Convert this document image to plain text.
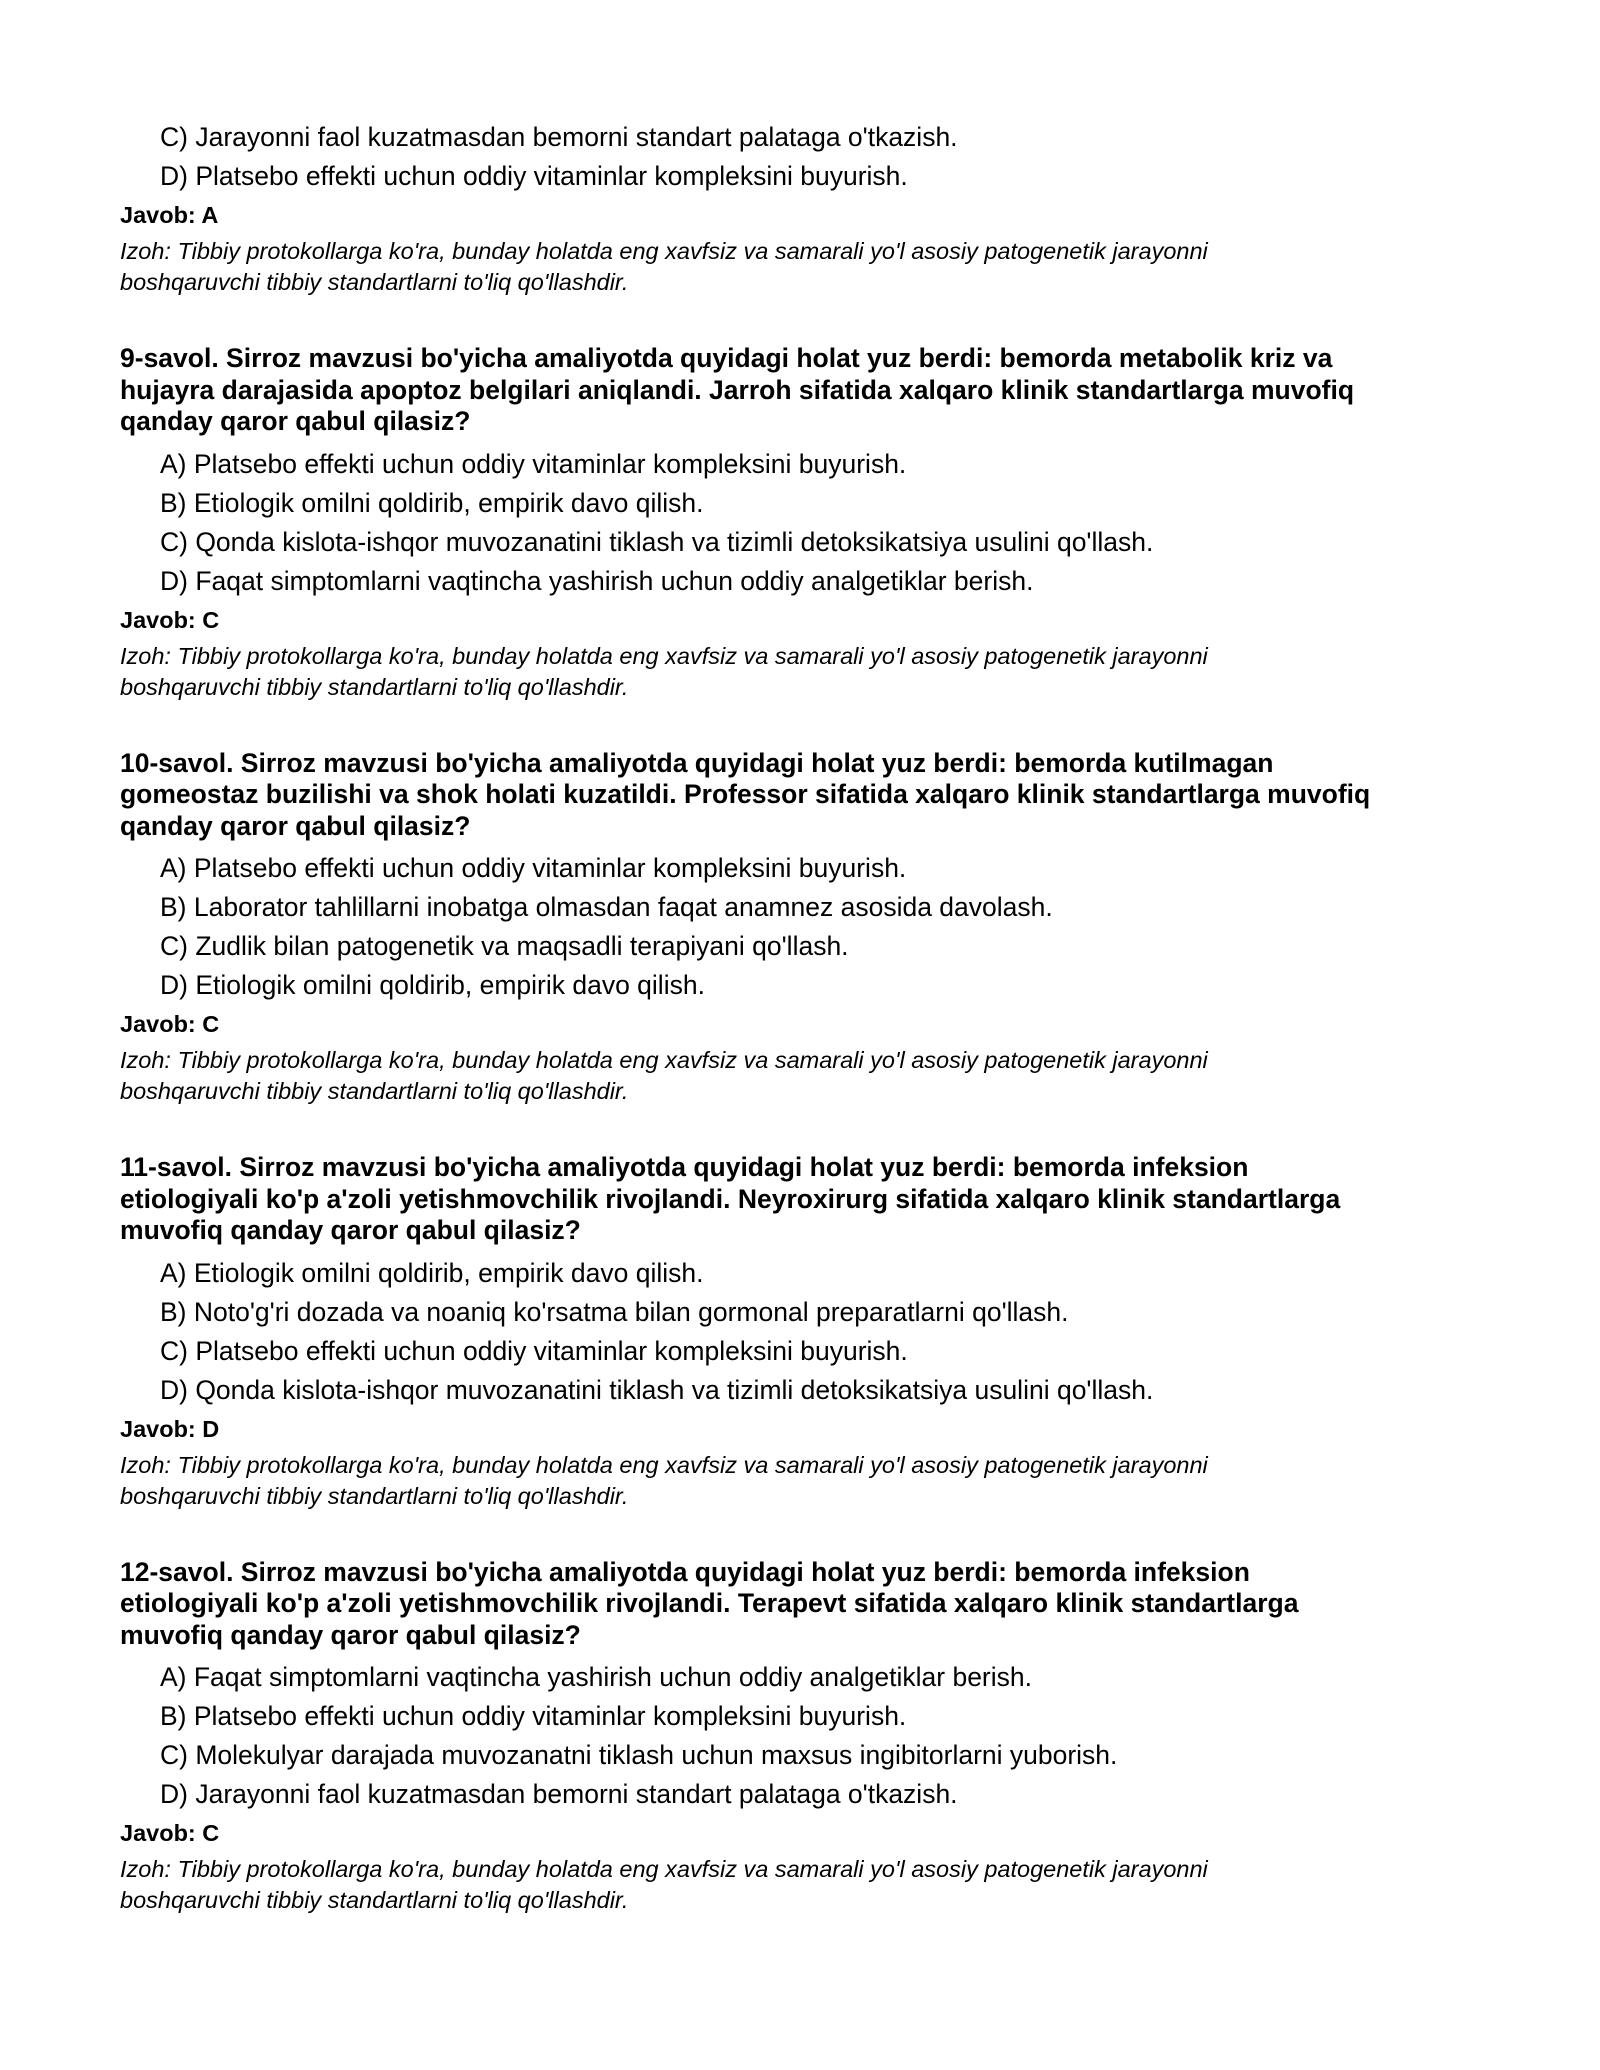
C) Jarayonni faol kuzatmasdan bemorni standart palataga o'tkazish.
D) Platsebo effekti uchun oddiy vitaminlar kompleksini buyurish.
Javob: A
Izoh: Tibbiy protokollarga ko'ra, bunday holatda eng xavfsiz va samarali yo'l asosiy patogenetik jarayonni
boshqaruvchi tibbiy standartlarni to'liq qo'llashdir.
9-savol. Sirroz mavzusi bo'yicha amaliyotda quyidagi holat yuz berdi: bemorda metabolik kriz va
hujayra darajasida apoptoz belgilari aniqlandi. Jarroh sifatida xalqaro klinik standartlarga muvofiq
qanday qaror qabul qilasiz?
A) Platsebo effekti uchun oddiy vitaminlar kompleksini buyurish.
B) Etiologik omilni qoldirib, empirik davo qilish.
C) Qonda kislota-ishqor muvozanatini tiklash va tizimli detoksikatsiya usulini qo'llash.
D) Faqat simptomlarni vaqtincha yashirish uchun oddiy analgetiklar berish.
Javob: C
Izoh: Tibbiy protokollarga ko'ra, bunday holatda eng xavfsiz va samarali yo'l asosiy patogenetik jarayonni
boshqaruvchi tibbiy standartlarni to'liq qo'llashdir.
10-savol. Sirroz mavzusi bo'yicha amaliyotda quyidagi holat yuz berdi: bemorda kutilmagan
gomeostaz buzilishi va shok holati kuzatildi. Professor sifatida xalqaro klinik standartlarga muvofiq
qanday qaror qabul qilasiz?
A) Platsebo effekti uchun oddiy vitaminlar kompleksini buyurish.
B) Laborator tahlillarni inobatga olmasdan faqat anamnez asosida davolash.
C) Zudlik bilan patogenetik va maqsadli terapiyani qo'llash.
D) Etiologik omilni qoldirib, empirik davo qilish.
Javob: C
Izoh: Tibbiy protokollarga ko'ra, bunday holatda eng xavfsiz va samarali yo'l asosiy patogenetik jarayonni
boshqaruvchi tibbiy standartlarni to'liq qo'llashdir.
11-savol. Sirroz mavzusi bo'yicha amaliyotda quyidagi holat yuz berdi: bemorda infeksion
etiologiyali ko'p a'zoli yetishmovchilik rivojlandi. Neyroxirurg sifatida xalqaro klinik standartlarga
muvofiq qanday qaror qabul qilasiz?
A) Etiologik omilni qoldirib, empirik davo qilish.
B) Noto'g'ri dozada va noaniq ko'rsatma bilan gormonal preparatlarni qo'llash.
C) Platsebo effekti uchun oddiy vitaminlar kompleksini buyurish.
D) Qonda kislota-ishqor muvozanatini tiklash va tizimli detoksikatsiya usulini qo'llash.
Javob: D
Izoh: Tibbiy protokollarga ko'ra, bunday holatda eng xavfsiz va samarali yo'l asosiy patogenetik jarayonni
boshqaruvchi tibbiy standartlarni to'liq qo'llashdir.
12-savol. Sirroz mavzusi bo'yicha amaliyotda quyidagi holat yuz berdi: bemorda infeksion
etiologiyali ko'p a'zoli yetishmovchilik rivojlandi. Terapevt sifatida xalqaro klinik standartlarga
muvofiq qanday qaror qabul qilasiz?
A) Faqat simptomlarni vaqtincha yashirish uchun oddiy analgetiklar berish.
B) Platsebo effekti uchun oddiy vitaminlar kompleksini buyurish.
C) Molekulyar darajada muvozanatni tiklash uchun maxsus ingibitorlarni yuborish.
D) Jarayonni faol kuzatmasdan bemorni standart palataga o'tkazish.
Javob: C
Izoh: Tibbiy protokollarga ko'ra, bunday holatda eng xavfsiz va samarali yo'l asosiy patogenetik jarayonni
boshqaruvchi tibbiy standartlarni to'liq qo'llashdir.
